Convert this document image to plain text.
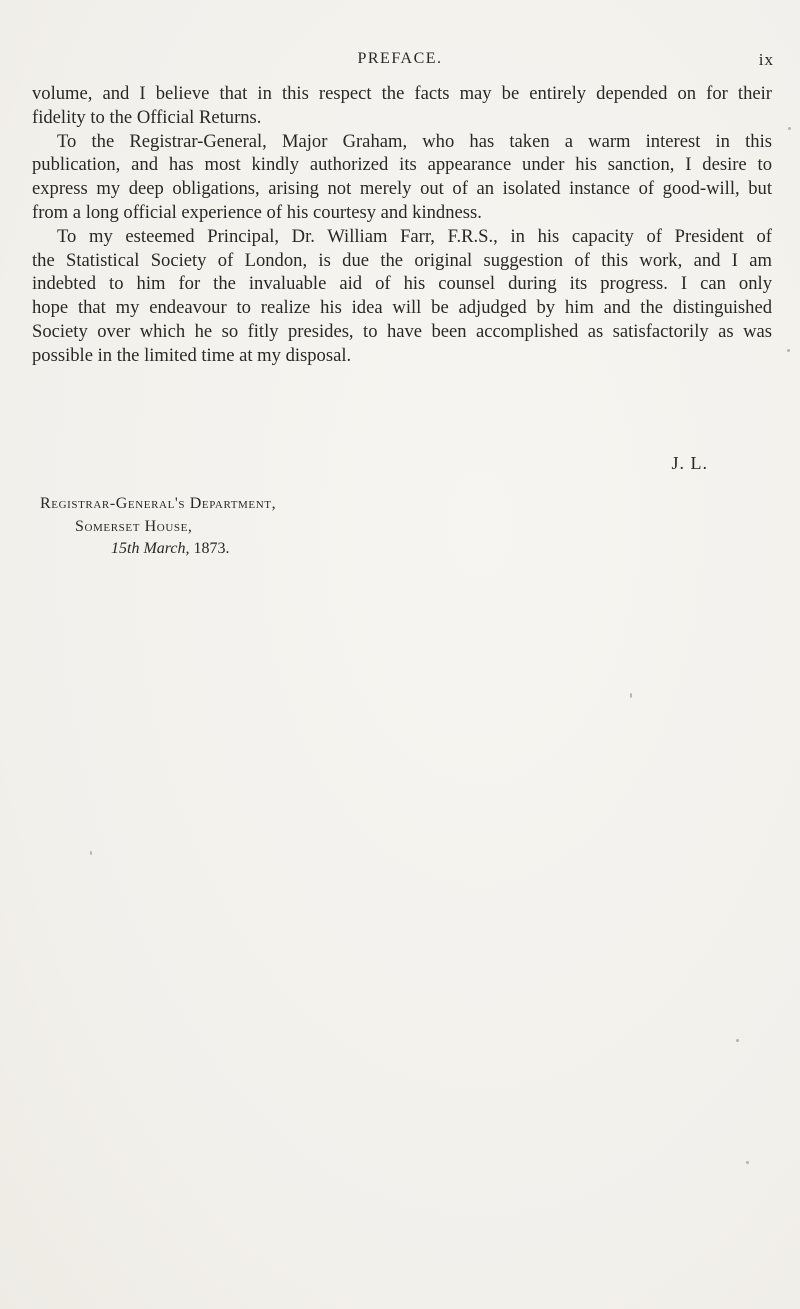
PREFACE.	ix
volume, and I believe that in this respect the facts may be entirely depended on for their
fidelity to the Official Returns.
To the Registrar-General, Major Graham, who has taken a warm interest in this
publication, and has most kindly authorized its appearance under his sanction, I desire to
express my deep obligations, arising not merely out of an isolated instance of good-will, but
from a long official experience of his courtesy and kindness.
To my esteemed Principal, Dr. William Farr, F.R.S., in his capacity of President of
the Statistical Society of London, is due the original suggestion of this work, and I am
indebted to him for the invaluable aid of his counsel during its progress. I can only
hope that my endeavour to realize his idea will be adjudged by him and the distinguished
Society over which he so fitly presides, to have been accomplished as satisfactorily as was
possible in the limited time at my disposal.
J. L.
Registrar-General's Department,
Somerset House,
15th March, 1873.
